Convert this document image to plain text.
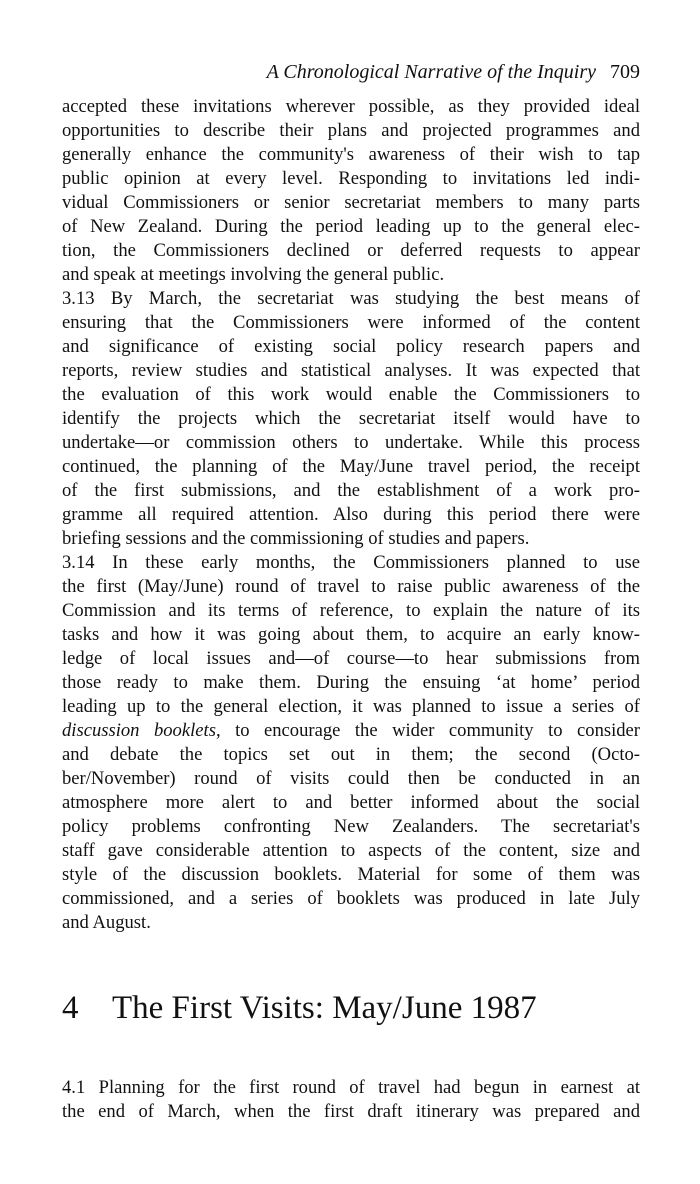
A Chronological Narrative of the Inquiry 709
accepted these invitations wherever possible, as they provided ideal
opportunities to describe their plans and projected programmes and
generally enhance the community's awareness of their wish to tap
public opinion at every level. Responding to invitations led indi-
vidual Commissioners or senior secretariat members to many parts
of New Zealand. During the period leading up to the general elec-
tion, the Commissioners declined or deferred requests to appear
and speak at meetings involving the general public.
3.13 By March, the secretariat was studying the best means of
ensuring that the Commissioners were informed of the content
and significance of existing social policy research papers and
reports, review studies and statistical analyses. It was expected that
the evaluation of this work would enable the Commissioners to
identify the projects which the secretariat itself would have to
undertake—or commission others to undertake. While this process
continued, the planning of the May/June travel period, the receipt
of the first submissions, and the establishment of a work pro-
gramme all required attention. Also during this period there were
briefing sessions and the commissioning of studies and papers.
3.14 In these early months, the Commissioners planned to use
the first (May/June) round of travel to raise public awareness of the
Commission and its terms of reference, to explain the nature of its
tasks and how it was going about them, to acquire an early know-
ledge of local issues and—of course—to hear submissions from
those ready to make them. During the ensuing ‘at home’ period
leading up to the general election, it was planned to issue a series of
discussion booklets, to encourage the wider community to consider
and debate the topics set out in them; the second (Octo-
ber/November) round of visits could then be conducted in an
atmosphere more alert to and better informed about the social
policy problems confronting New Zealanders. The secretariat's
staff gave considerable attention to aspects of the content, size and
style of the discussion booklets. Material for some of them was
commissioned, and a series of booklets was produced in late July
and August.
4 The First Visits: May/June 1987
4.1 Planning for the first round of travel had begun in earnest at
the end of March, when the first draft itinerary was prepared and
